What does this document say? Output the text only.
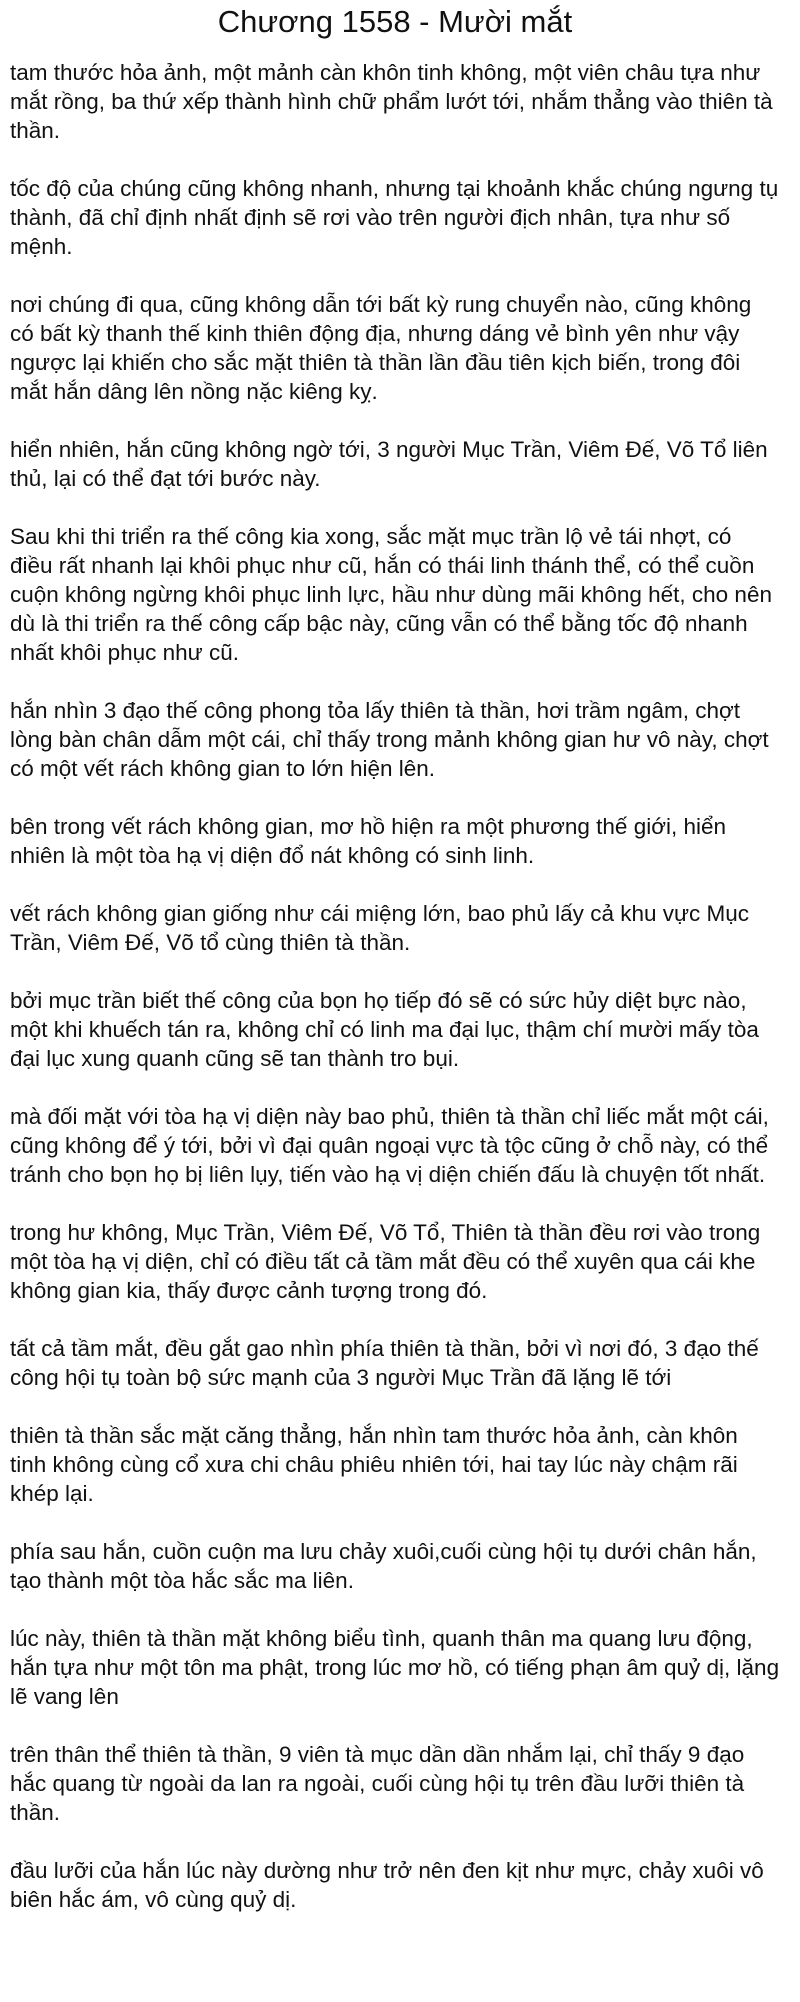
Chương 1558 - Mười mắt
tam thước hỏa ảnh, một mảnh càn khôn tinh không, một viên châu tựa như mắt rồng, ba thứ xếp thành hình chữ phẩm lướt tới, nhắm thẳng vào thiên tà thần.
tốc độ của chúng cũng không nhanh, nhưng tại khoảnh khắc chúng ngưng tụ thành, đã chỉ định nhất định sẽ rơi vào trên người địch nhân, tựa như số mệnh.
nơi chúng đi qua, cũng không dẫn tới bất kỳ rung chuyển nào, cũng không có bất kỳ thanh thế kinh thiên động địa, nhưng dáng vẻ bình yên như vậy ngược lại khiến cho sắc mặt thiên tà thần lần đầu tiên kịch biến, trong đôi mắt hắn dâng lên nồng nặc kiêng kỵ.
hiển nhiên, hắn cũng không ngờ tới, 3 người Mục Trần, Viêm Đế, Võ Tổ liên thủ, lại có thể đạt tới bước này.
Sau khi thi triển ra thế công kia xong, sắc mặt mục trần lộ vẻ tái nhợt, có điều rất nhanh lại khôi phục như cũ, hắn có thái linh thánh thể, có thể cuồn cuộn không ngừng khôi phục linh lực, hầu như dùng mãi không hết, cho nên dù là thi triển ra thế công cấp bậc này, cũng vẫn có thể bằng tốc độ nhanh nhất khôi phục như cũ.
hắn nhìn 3 đạo thế công phong tỏa lấy thiên tà thần, hơi trầm ngâm, chợt lòng bàn chân dẫm một cái, chỉ thấy trong mảnh không gian hư vô này, chợt có một vết rách không gian to lớn hiện lên.
bên trong vết rách không gian, mơ hồ hiện ra một phương thế giới, hiển nhiên là một tòa hạ vị diện đổ nát không có sinh linh.
vết rách không gian giống như cái miệng lớn, bao phủ lấy cả khu vực Mục Trần, Viêm Đế, Võ tổ cùng thiên tà thần.
bởi mục trần biết thế công của bọn họ tiếp đó sẽ có sức hủy diệt bực nào, một khi khuếch tán ra, không chỉ có linh ma đại lục, thậm chí mười mấy tòa đại lục xung quanh cũng sẽ tan thành tro bụi.
mà đối mặt với tòa hạ vị diện này bao phủ, thiên tà thần chỉ liếc mắt một cái, cũng không để ý tới, bởi vì đại quân ngoại vực tà tộc cũng ở chỗ này, có thể tránh cho bọn họ bị liên lụy, tiến vào hạ vị diện chiến đấu là chuyện tốt nhất.
trong hư không, Mục Trần, Viêm Đế, Võ Tổ, Thiên tà thần đều rơi vào trong một tòa hạ vị diện, chỉ có điều tất cả tầm mắt đều có thể xuyên qua cái khe không gian kia, thấy được cảnh tượng trong đó.
tất cả tầm mắt, đều gắt gao nhìn phía thiên tà thần, bởi vì nơi đó, 3 đạo thế công hội tụ toàn bộ sức mạnh của 3 người Mục Trần đã lặng lẽ tới
thiên tà thần sắc mặt căng thẳng, hắn nhìn tam thước hỏa ảnh, càn khôn tinh không cùng cổ xưa chi châu phiêu nhiên tới, hai tay lúc này chậm rãi khép lại.
phía sau hắn, cuồn cuộn ma lưu chảy xuôi,cuối cùng hội tụ dưới chân hắn, tạo thành một tòa hắc sắc ma liên.
lúc này, thiên tà thần mặt không biểu tình, quanh thân ma quang lưu động, hắn tựa như một tôn ma phật, trong lúc mơ hồ, có tiếng phạn âm quỷ dị, lặng lẽ vang lên
trên thân thể thiên tà thần, 9 viên tà mục dần dần nhắm lại, chỉ thấy 9 đạo hắc quang từ ngoài da lan ra ngoài, cuối cùng hội tụ trên đầu lưỡi thiên tà thần.
đầu lưỡi của hắn lúc này dường như trở nên đen kịt như mực, chảy xuôi vô biên hắc ám, vô cùng quỷ dị.
